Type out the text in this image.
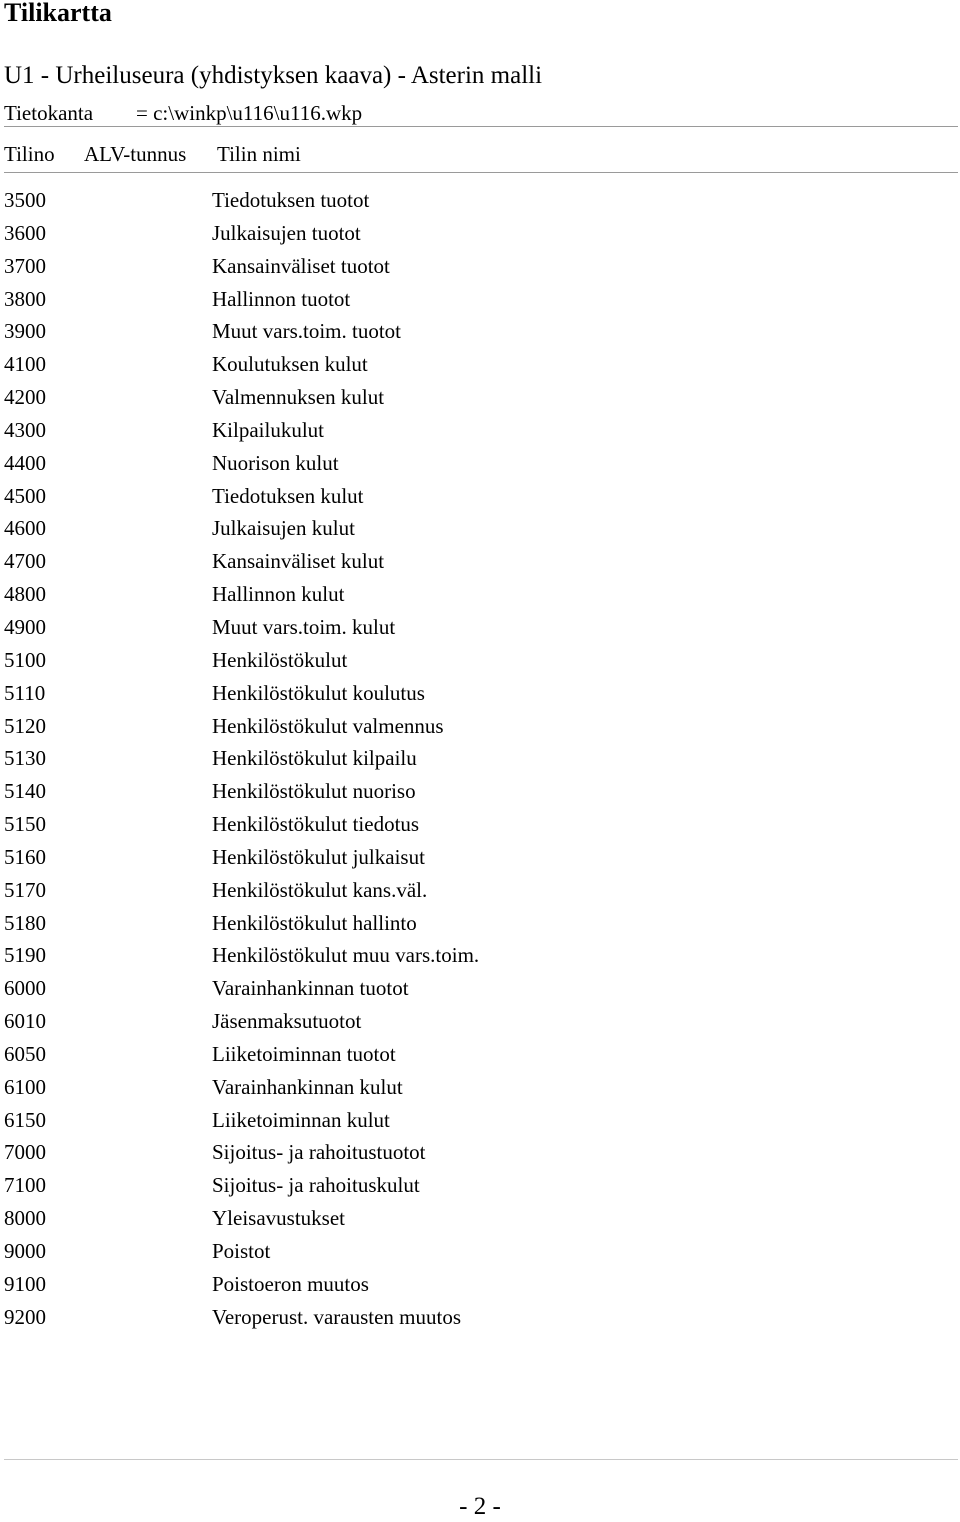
Tilikartta
U1 - Urheiluseura (yhdistyksen kaava) - Asterin malli
Tietokanta = c:\winkp\u116\u116.wkp
Tilino ALV-tunnus Tilin nimi
3500	Tiedotuksen tuotot
3600	Julkaisujen tuotot
3700	Kansainväliset tuotot
3800	Hallinnon tuotot
3900	Muut vars.toim. tuotot
4100	Koulutuksen kulut
4200	Valmennuksen kulut
4300	Kilpailukulut
4400	Nuorison kulut
4500	Tiedotuksen kulut
4600	Julkaisujen kulut
4700	Kansainväliset kulut
4800	Hallinnon kulut
4900	Muut vars.toim. kulut
5100	Henkilöstökulut
5110	Henkilöstökulut koulutus
5120	Henkilöstökulut valmennus
5130	Henkilöstökulut kilpailu
5140	Henkilöstökulut nuoriso
5150	Henkilöstökulut tiedotus
5160	Henkilöstökulut julkaisut
5170	Henkilöstökulut kans.väl.
5180	Henkilöstökulut hallinto
5190	Henkilöstökulut muu vars.toim.
6000	Varainhankinnan tuotot
6010	Jäsenmaksutuotot
6050	Liiketoiminnan tuotot
6100	Varainhankinnan kulut
6150	Liiketoiminnan kulut
7000	Sijoitus- ja rahoitustuotot
7100	Sijoitus- ja rahoituskulut
8000	Yleisavustukset
9000	Poistot
9100	Poistoeron muutos
9200	Veroperust. varausten muutos
- 2 -
